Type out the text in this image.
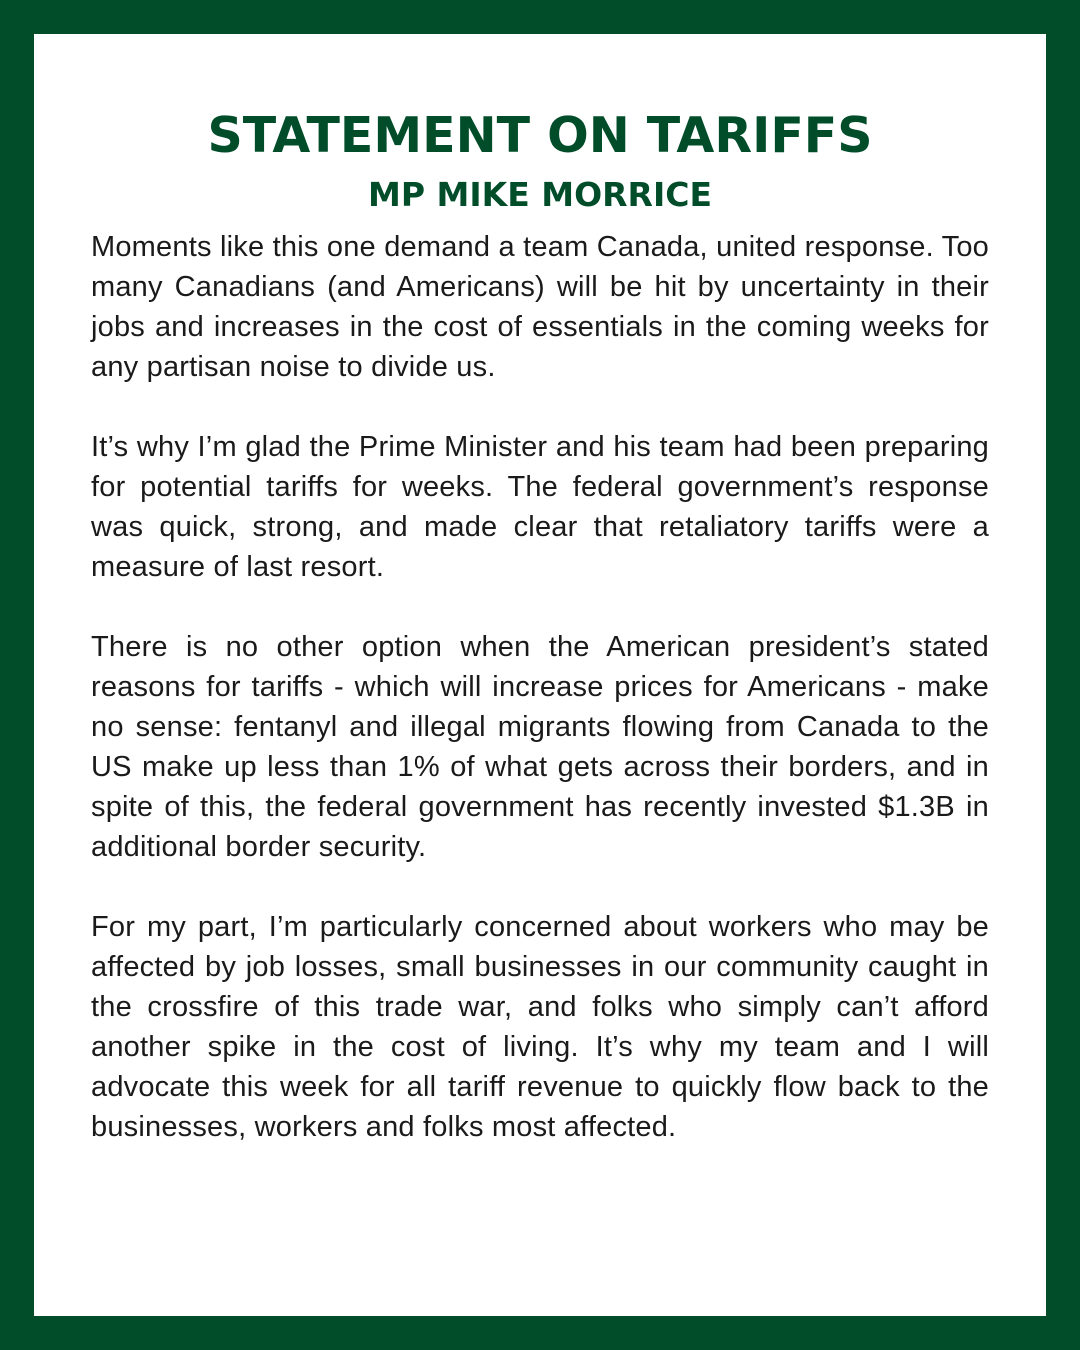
STATEMENT ON TARIFFS
MP MIKE MORRICE

Moments like this one demand a team Canada, united response. Too many Canadians (and Americans) will be hit by uncertainty in their jobs and increases in the cost of essentials in the coming weeks for any partisan noise to divide us.

It’s why I’m glad the Prime Minister and his team had been preparing for potential tariffs for weeks. The federal government’s response was quick, strong, and made clear that retaliatory tariffs were a measure of last resort.

There is no other option when the American president’s stated reasons for tariffs - which will increase prices for Americans - make no sense: fentanyl and illegal migrants flowing from Canada to the US make up less than 1% of what gets across their borders, and in spite of this, the federal government has recently invested $1.3B in additional border security.

For my part, I’m particularly concerned about workers who may be affected by job losses, small businesses in our community caught in the crossfire of this trade war, and folks who simply can’t afford another spike in the cost of living. It’s why my team and I will advocate this week for all tariff revenue to quickly flow back to the businesses, workers and folks most affected.
